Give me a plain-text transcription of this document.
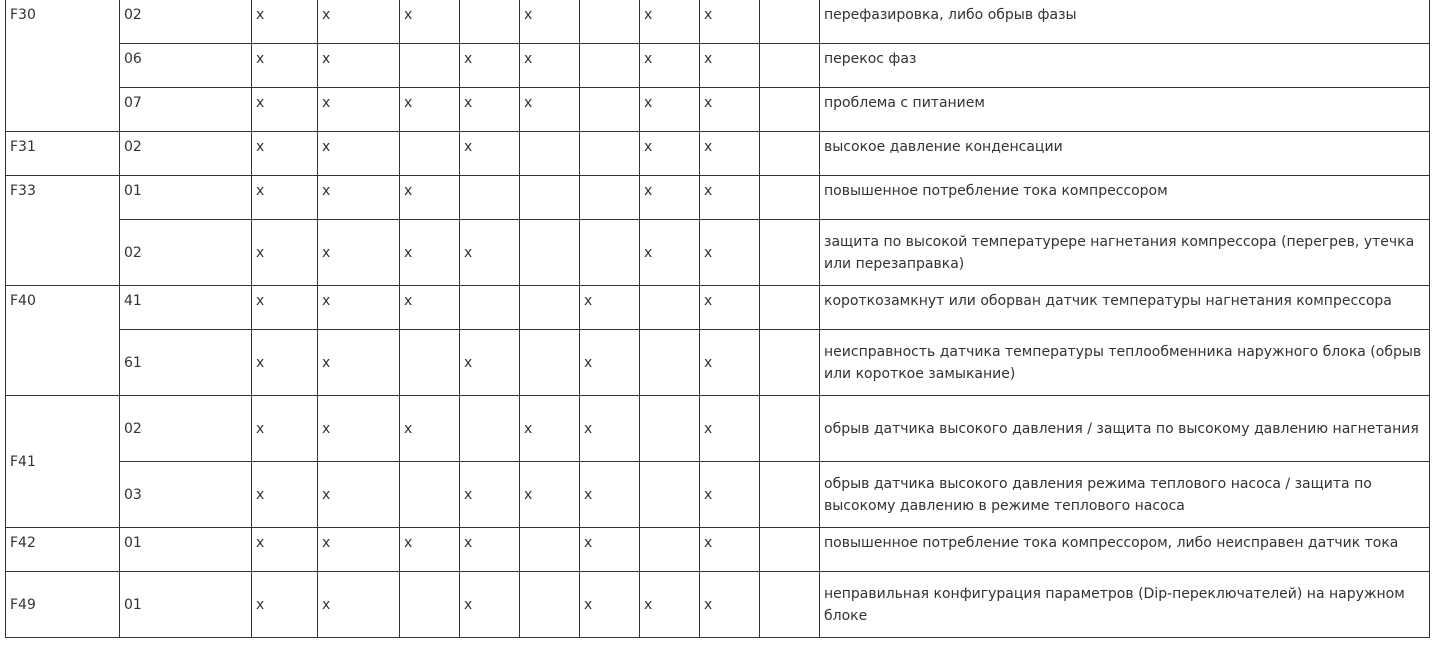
F30	02	x	x	x		x		x	x		перефазировка, либо обрыв фазы
	06	x	x		x	x		x	x		перекос фаз
	07	x	x	x	x	x		x	x		проблема с питанием
F31	02	x	x		x			x	x		высокое давление конденсации
F33	01	x	x	x				x	x		повышенное потребление тока компрессором
	02	x	x	x	x			x	x		защита по высокой температурере нагнетания компрессора (перегрев, утечка или перезаправка)
F40	41	x	x	x			x		x		короткозамкнут или оборван датчик температуры нагнетания компрессора
	61	x	x		x		x		x		неисправность датчика температуры теплообменника наружного блока (обрыв или короткое замыкание)
F41	02	x	x	x		x	x		x		обрыв датчика высокого давления / защита по высокому давлению нагнетания
	03	x	x		x	x	x		x		обрыв датчика высокого давления режима теплового насоса / защита по высокому давлению в режиме теплового насоса
F42	01	x	x	x	x		x		x		повышенное потребление тока компрессором, либо неисправен датчик тока
F49	01	x	x		x		x	x	x		неправильная конфигурация параметров (Dip-переключателей) на наружном блоке
